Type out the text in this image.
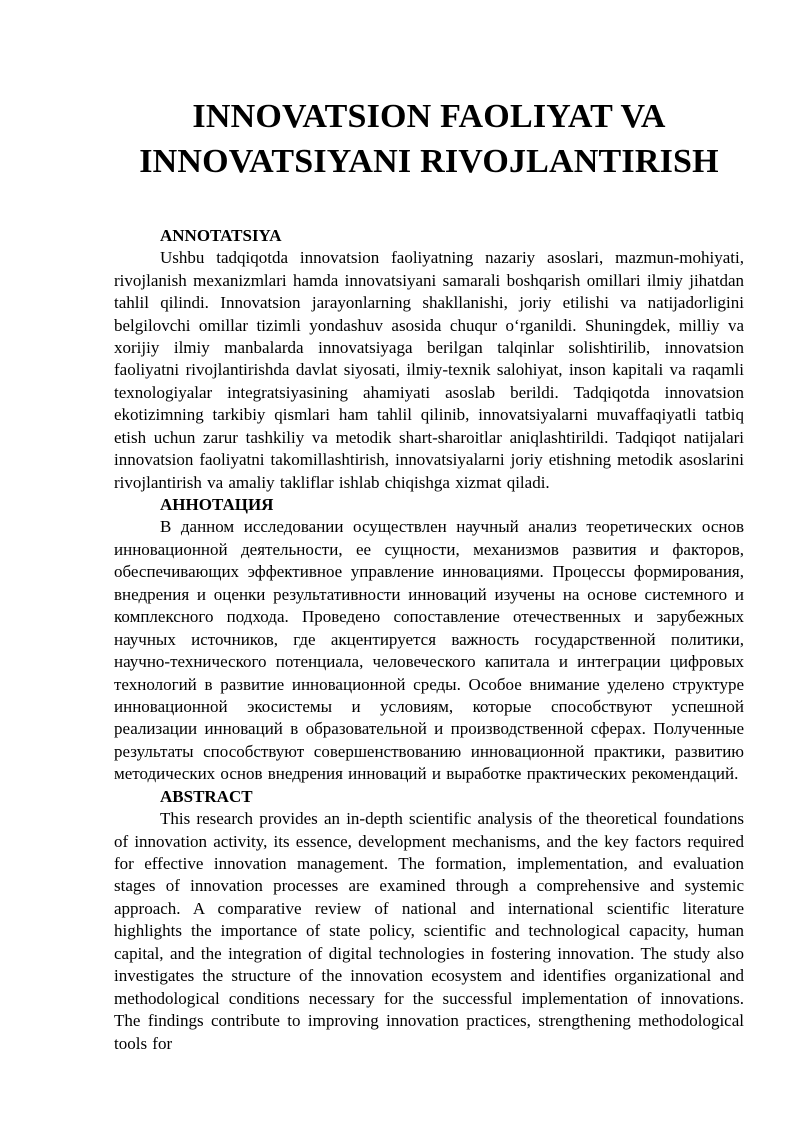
INNOVATSION FAOLIYAT VA INNOVATSIYANI RIVOJLANTIRISH

ANNOTATSIYA

Ushbu tadqiqotda innovatsion faoliyatning nazariy asoslari, mazmun-mohiyati, rivojlanish mexanizmlari hamda innovatsiyani samarali boshqarish omillari ilmiy jihatdan tahlil qilindi. Innovatsion jarayonlarning shakllanishi, joriy etilishi va natijadorligini belgilovchi omillar tizimli yondashuv asosida chuqur o‘rganildi. Shuningdek, milliy va xorijiy ilmiy manbalarda innovatsiyaga berilgan talqinlar solishtirilib, innovatsion faoliyatni rivojlantirishda davlat siyosati, ilmiy-texnik salohiyat, inson kapitali va raqamli texnologiyalar integratsiyasining ahamiyati asoslab berildi. Tadqiqotda innovatsion ekotizimning tarkibiy qismlari ham tahlil qilinib, innovatsiyalarni muvaffaqiyatli tatbiq etish uchun zarur tashkiliy va metodik shart-sharoitlar aniqlashtirildi. Tadqiqot natijalari innovatsion faoliyatni takomillashtirish, innovatsiyalarni joriy etishning metodik asoslarini rivojlantirish va amaliy takliflar ishlab chiqishga xizmat qiladi.

АННОТАЦИЯ

В данном исследовании осуществлен научный анализ теоретических основ инновационной деятельности, ее сущности, механизмов развития и факторов, обеспечивающих эффективное управление инновациями. Процессы формирования, внедрения и оценки результативности инноваций изучены на основе системного и комплексного подхода. Проведено сопоставление отечественных и зарубежных научных источников, где акцентируется важность государственной политики, научно-технического потенциала, человеческого капитала и интеграции цифровых технологий в развитие инновационной среды. Особое внимание уделено структуре инновационной экосистемы и условиям, которые способствуют успешной реализации инноваций в образовательной и производственной сферах. Полученные результаты способствуют совершенствованию инновационной практики, развитию методических основ внедрения инноваций и выработке практических рекомендаций.

ABSTRACT

This research provides an in-depth scientific analysis of the theoretical foundations of innovation activity, its essence, development mechanisms, and the key factors required for effective innovation management. The formation, implementation, and evaluation stages of innovation processes are examined through a comprehensive and systemic approach. A comparative review of national and international scientific literature highlights the importance of state policy, scientific and technological capacity, human capital, and the integration of digital technologies in fostering innovation. The study also investigates the structure of the innovation ecosystem and identifies organizational and methodological conditions necessary for the successful implementation of innovations. The findings contribute to improving innovation practices, strengthening methodological tools for
